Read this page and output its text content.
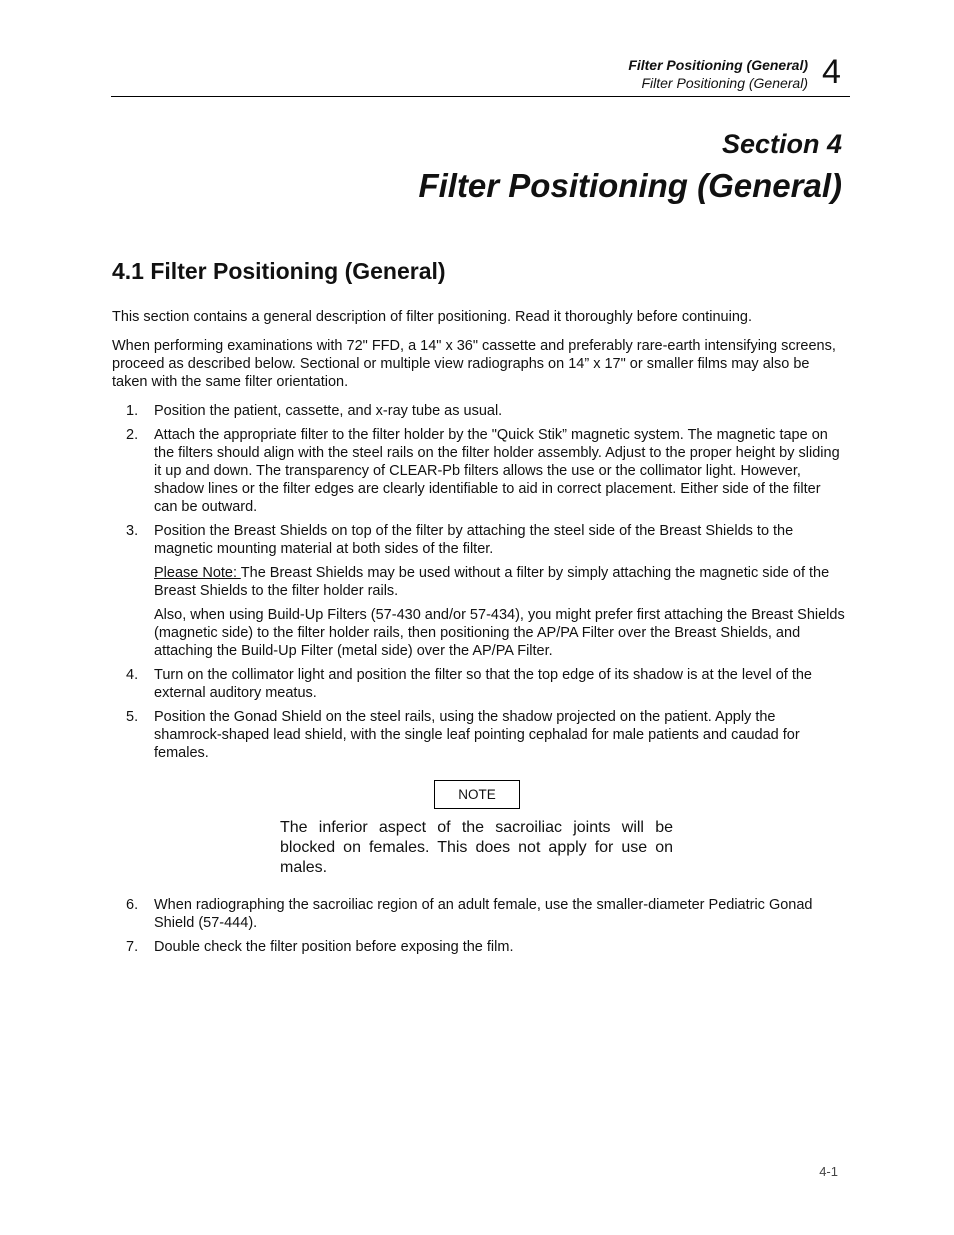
Filter Positioning (General)
Filter Positioning (General) 4
Section 4
Filter Positioning (General)
4.1 Filter Positioning (General)

This section contains a general description of filter positioning. Read it thoroughly before continuing.

When performing examinations with 72" FFD, a 14" x 36" cassette and preferably rare-earth intensifying screens, proceed as described below. Sectional or multiple view radiographs on 14” x 17" or smaller films may also be taken with the same filter orientation.

1. Position the patient, cassette, and x-ray tube as usual.
2. Attach the appropriate filter to the filter holder by the "Quick Stik” magnetic system. The magnetic tape on the filters should align with the steel rails on the filter holder assembly. Adjust to the proper height by sliding it up and down. The transparency of CLEAR-Pb filters allows the use or the collimator light. However, shadow lines or the filter edges are clearly identifiable to aid in correct placement. Either side of the filter can be outward.
3. Position the Breast Shields on top of the filter by attaching the steel side of the Breast Shields to the magnetic mounting material at both sides of the filter.
Please Note: The Breast Shields may be used without a filter by simply attaching the magnetic side of the Breast Shields to the filter holder rails.
Also, when using Build-Up Filters (57-430 and/or 57-434), you might prefer first attaching the Breast Shields (magnetic side) to the filter holder rails, then positioning the AP/PA Filter over the Breast Shields, and attaching the Build-Up Filter (metal side) over the AP/PA Filter.
4. Turn on the collimator light and position the filter so that the top edge of its shadow is at the level of the external auditory meatus.
5. Position the Gonad Shield on the steel rails, using the shadow projected on the patient. Apply the shamrock-shaped lead shield, with the single leaf pointing cephalad for male patients and caudad for females.
NOTE
The inferior aspect of the sacroiliac joints will be blocked on females. This does not apply for use on males.
6. When radiographing the sacroiliac region of an adult female, use the smaller-diameter Pediatric Gonad Shield (57-444).
7. Double check the filter position before exposing the film.
4-1
